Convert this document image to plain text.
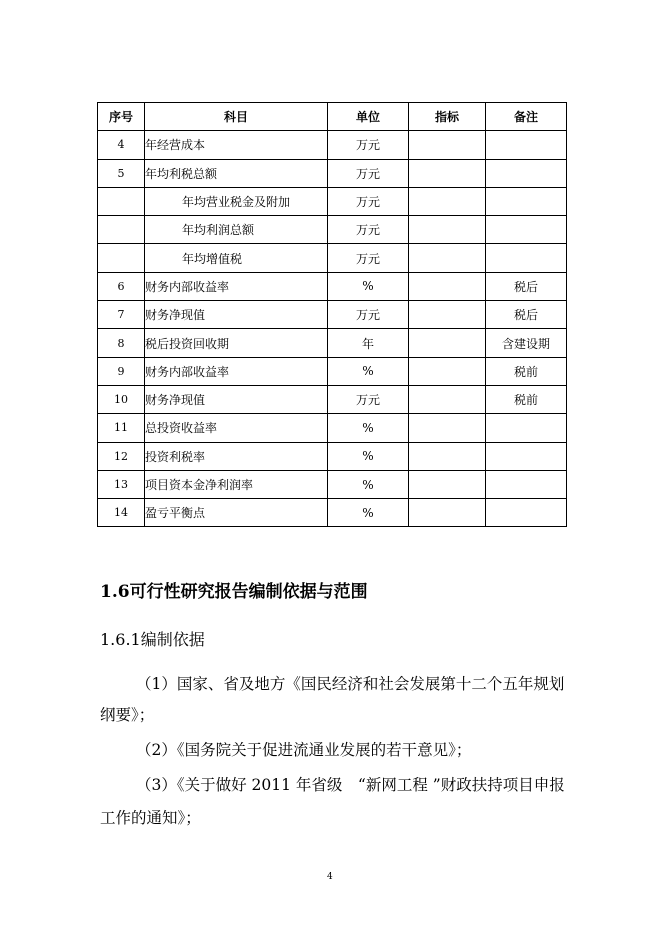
序号	科目	单位	指标	备注
4	年经营成本	万元		
5	年均利税总额	万元		
	年均营业税金及附加	万元		
	年均利润总额	万元		
	年均增值税	万元		
6	财务内部收益率	%		税后
7	财务净现值	万元		税后
8	税后投资回收期	年		含建设期
9	财务内部收益率	%		税前
10	财务净现值	万元		税前
11	总投资收益率	%		
12	投资利税率	%		
13	项目资本金净利润率	%		
14	盈亏平衡点	%		
1.6可行性研究报告编制依据与范围
1.6.1编制依据
（1）国家、省及地方《国民经济和社会发展第十二个五年规划
纲要》；
（2）《国务院关于促进流通业发展的若干意见》；
（3）《关于做好 2011 年省级　“新网工程 ”财政扶持项目申报
工作的通知》；
4
